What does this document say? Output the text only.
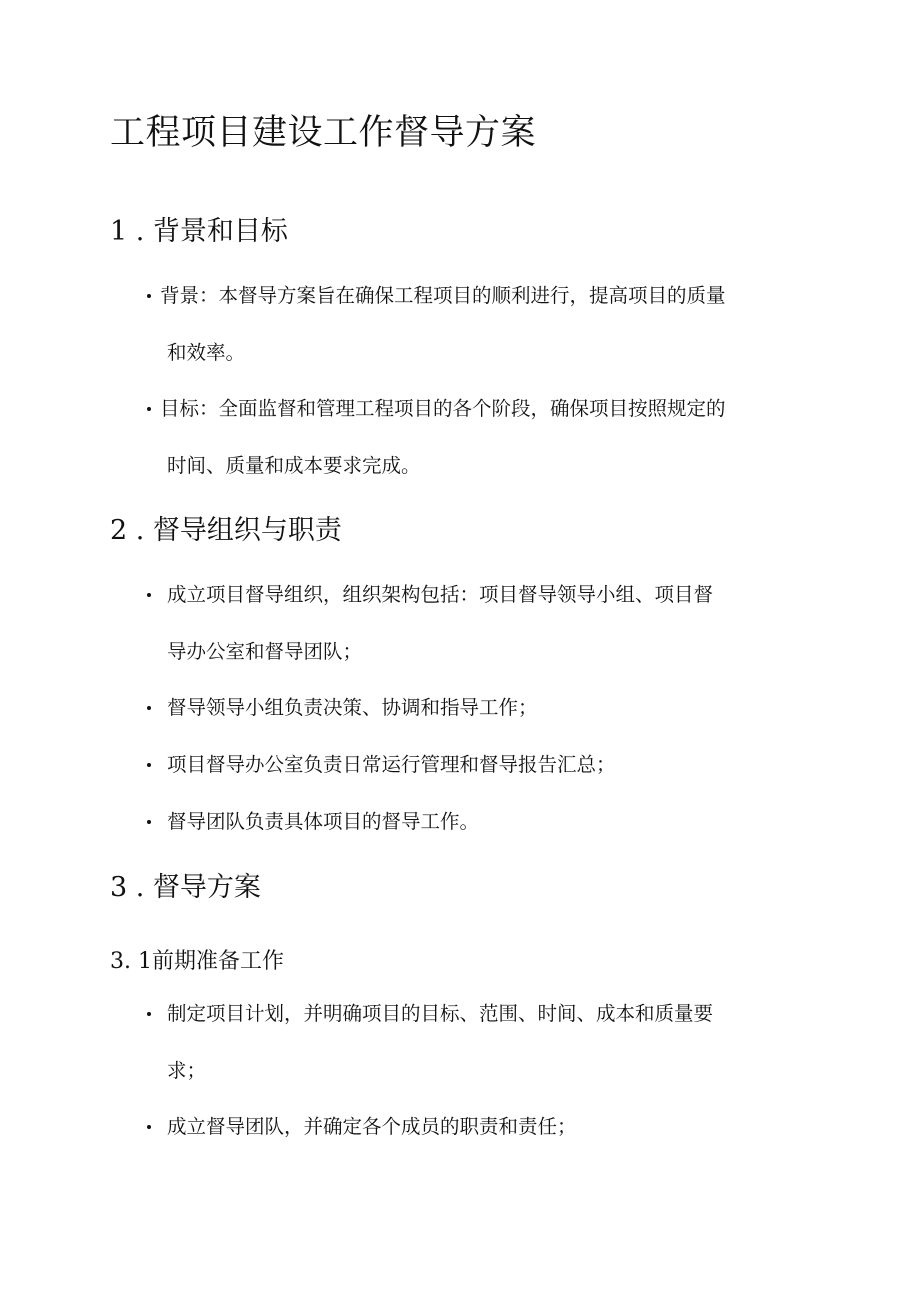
工程项目建设工作督导方案
1 . 背景和目标
背景：本督导方案旨在确保工程项目的顺利进行，提高项目的质量
和效率。
目标：全面监督和管理工程项目的各个阶段，确保项目按照规定的
时间、质量和成本要求完成。
2 . 督导组织与职责
成立项目督导组织，组织架构包括：项目督导领导小组、项目督
导办公室和督导团队；
督导领导小组负责决策、协调和指导工作；
项目督导办公室负责日常运行管理和督导报告汇总；
督导团队负责具体项目的督导工作。
3 . 督导方案
3. 1前期准备工作
制定项目计划，并明确项目的目标、范围、时间、成本和质量要
求；
成立督导团队，并确定各个成员的职责和责任；
